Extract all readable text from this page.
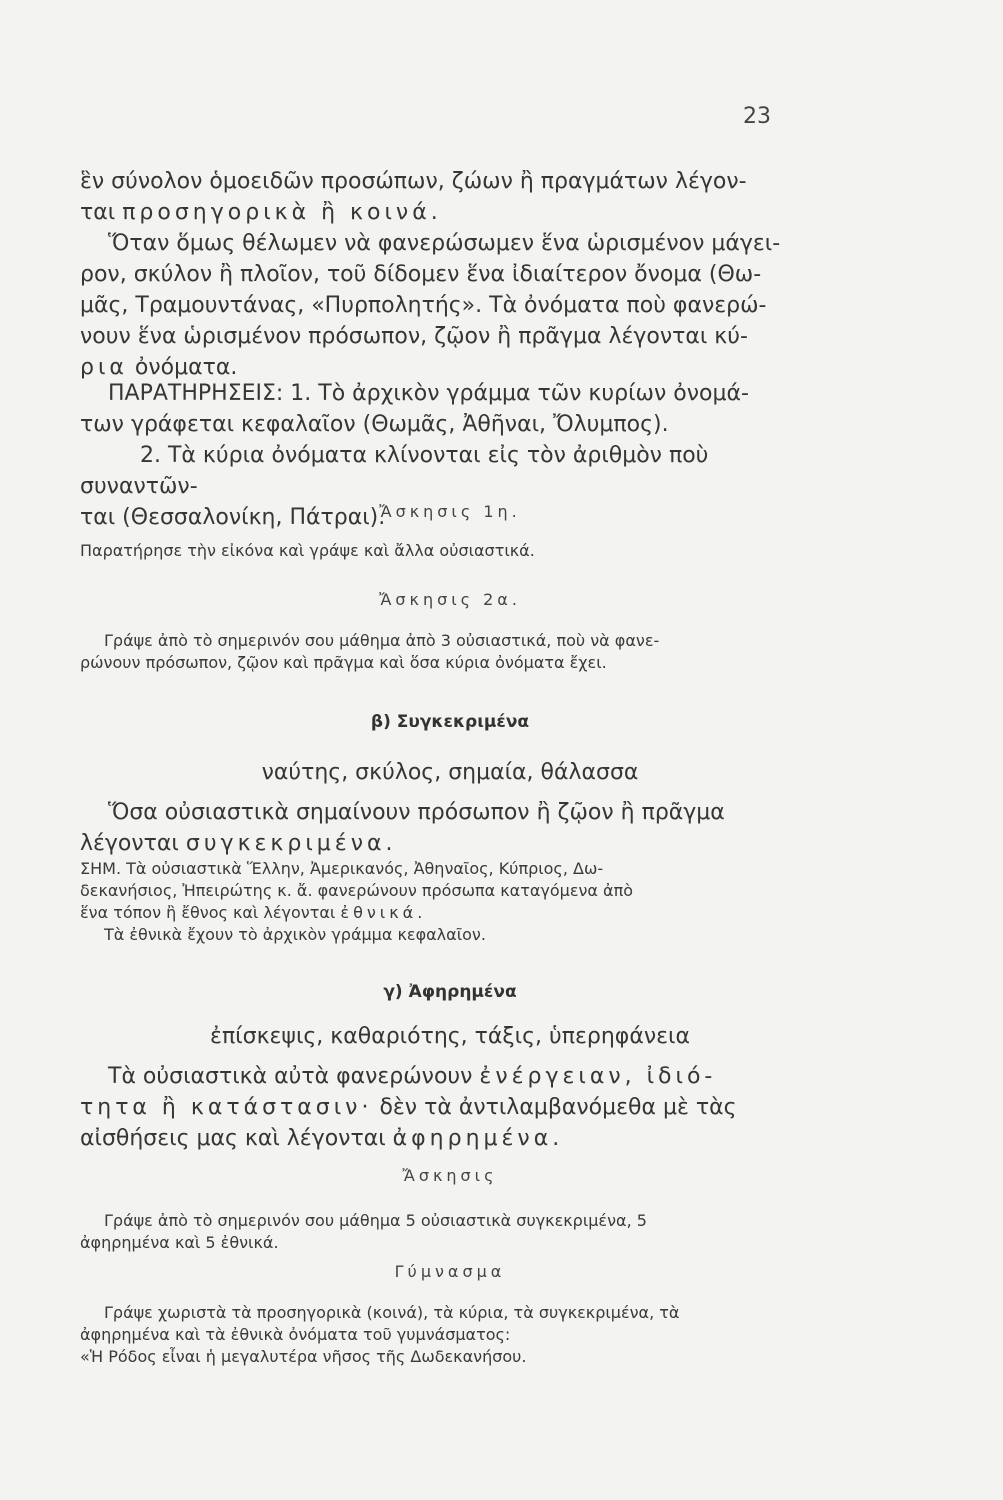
23
ἓν σύνολον ὁμοειδῶν προσώπων, ζώων ἢ πραγμάτων λέγον-
ται προσηγορικὰ ἢ κοινά.
Ὅταν ὅμως θέλωμεν νὰ φανερώσωμεν ἕνα ὡρισμένον μάγει-
ρον, σκύλον ἢ πλοῖον, τοῦ δίδομεν ἕνα ἰδιαίτερον ὄνομα (Θω-
μᾶς, Τραμουντάνας, «Πυρπολητής». Τὰ ὀνόματα ποὺ φανερώ-
νουν ἕνα ὡρισμένον πρόσωπον, ζῷον ἢ πρᾶγμα λέγονται κύ-
ρια ὀνόματα.
ΠΑΡΑΤΗΡΗΣΕΙΣ: 1. Τὸ ἀρχικὸν γράμμα τῶν κυρίων ὀνομά-
των γράφεται κεφαλαῖον (Θωμᾶς, Ἀθῆναι, Ὄλυμπος).
2. Τὰ κύρια ὀνόματα κλίνονται εἰς τὸν ἀριθμὸν ποὺ συναντῶν-
ται (Θεσσαλονίκη, Πάτραι).
Ἄσκησις 1η.
Παρατήρησε τὴν εἰκόνα καὶ γράψε καὶ ἄλλα οὐσιαστικά.
Ἄσκησις 2α.
Γράψε ἀπὸ τὸ σημερινόν σου μάθημα ἀπὸ 3 οὐσιαστικά, ποὺ νὰ φανε-
ρώνουν πρόσωπον, ζῷον καὶ πρᾶγμα καὶ ὅσα κύρια ὀνόματα ἔχει.
β) Συγκεκριμένα
ναύτης, σκύλος, σημαία, θάλασσα
Ὅσα οὐσιαστικὰ σημαίνουν πρόσωπον ἢ ζῷον ἢ πρᾶγμα
λέγονται συγκεκριμένα.
ΣΗΜ. Τὰ οὐσιαστικὰ Ἕλλην, Ἀμερικανός, Ἀθηναῖος, Κύπριος, Δω-
δεκανήσιος, Ἠπειρώτης κ. ἄ. φανερώνουν πρόσωπα καταγόμενα ἀπὸ
ἕνα τόπον ἢ ἔθνος καὶ λέγονται ἐθνικά.
Τὰ ἐθνικὰ ἔχουν τὸ ἀρχικὸν γράμμα κεφαλαῖον.
γ) Ἀφηρημένα
ἐπίσκεψις, καθαριότης, τάξις, ὑπερηφάνεια
Τὰ οὐσιαστικὰ αὐτὰ φανερώνουν ἐνέργειαν, ἰδιό-
τητα ἢ κατάστασιν· δὲν τὰ ἀντιλαμβανόμεθα μὲ τὰς
αἰσθήσεις μας καὶ λέγονται ἀφηρημένα.
Ἄσκησις
Γράψε ἀπὸ τὸ σημερινόν σου μάθημα 5 οὐσιαστικὰ συγκεκριμένα, 5
ἀφηρημένα καὶ 5 ἐθνικά.
Γύμνασμα
Γράψε χωριστὰ τὰ προσηγορικὰ (κοινά), τὰ κύρια, τὰ συγκεκριμένα, τὰ
ἀφηρημένα καὶ τὰ ἐθνικὰ ὀνόματα τοῦ γυμνάσματος:
«Ἡ Ρόδος εἶναι ἡ μεγαλυτέρα νῆσος τῆς Δωδεκανήσου.
